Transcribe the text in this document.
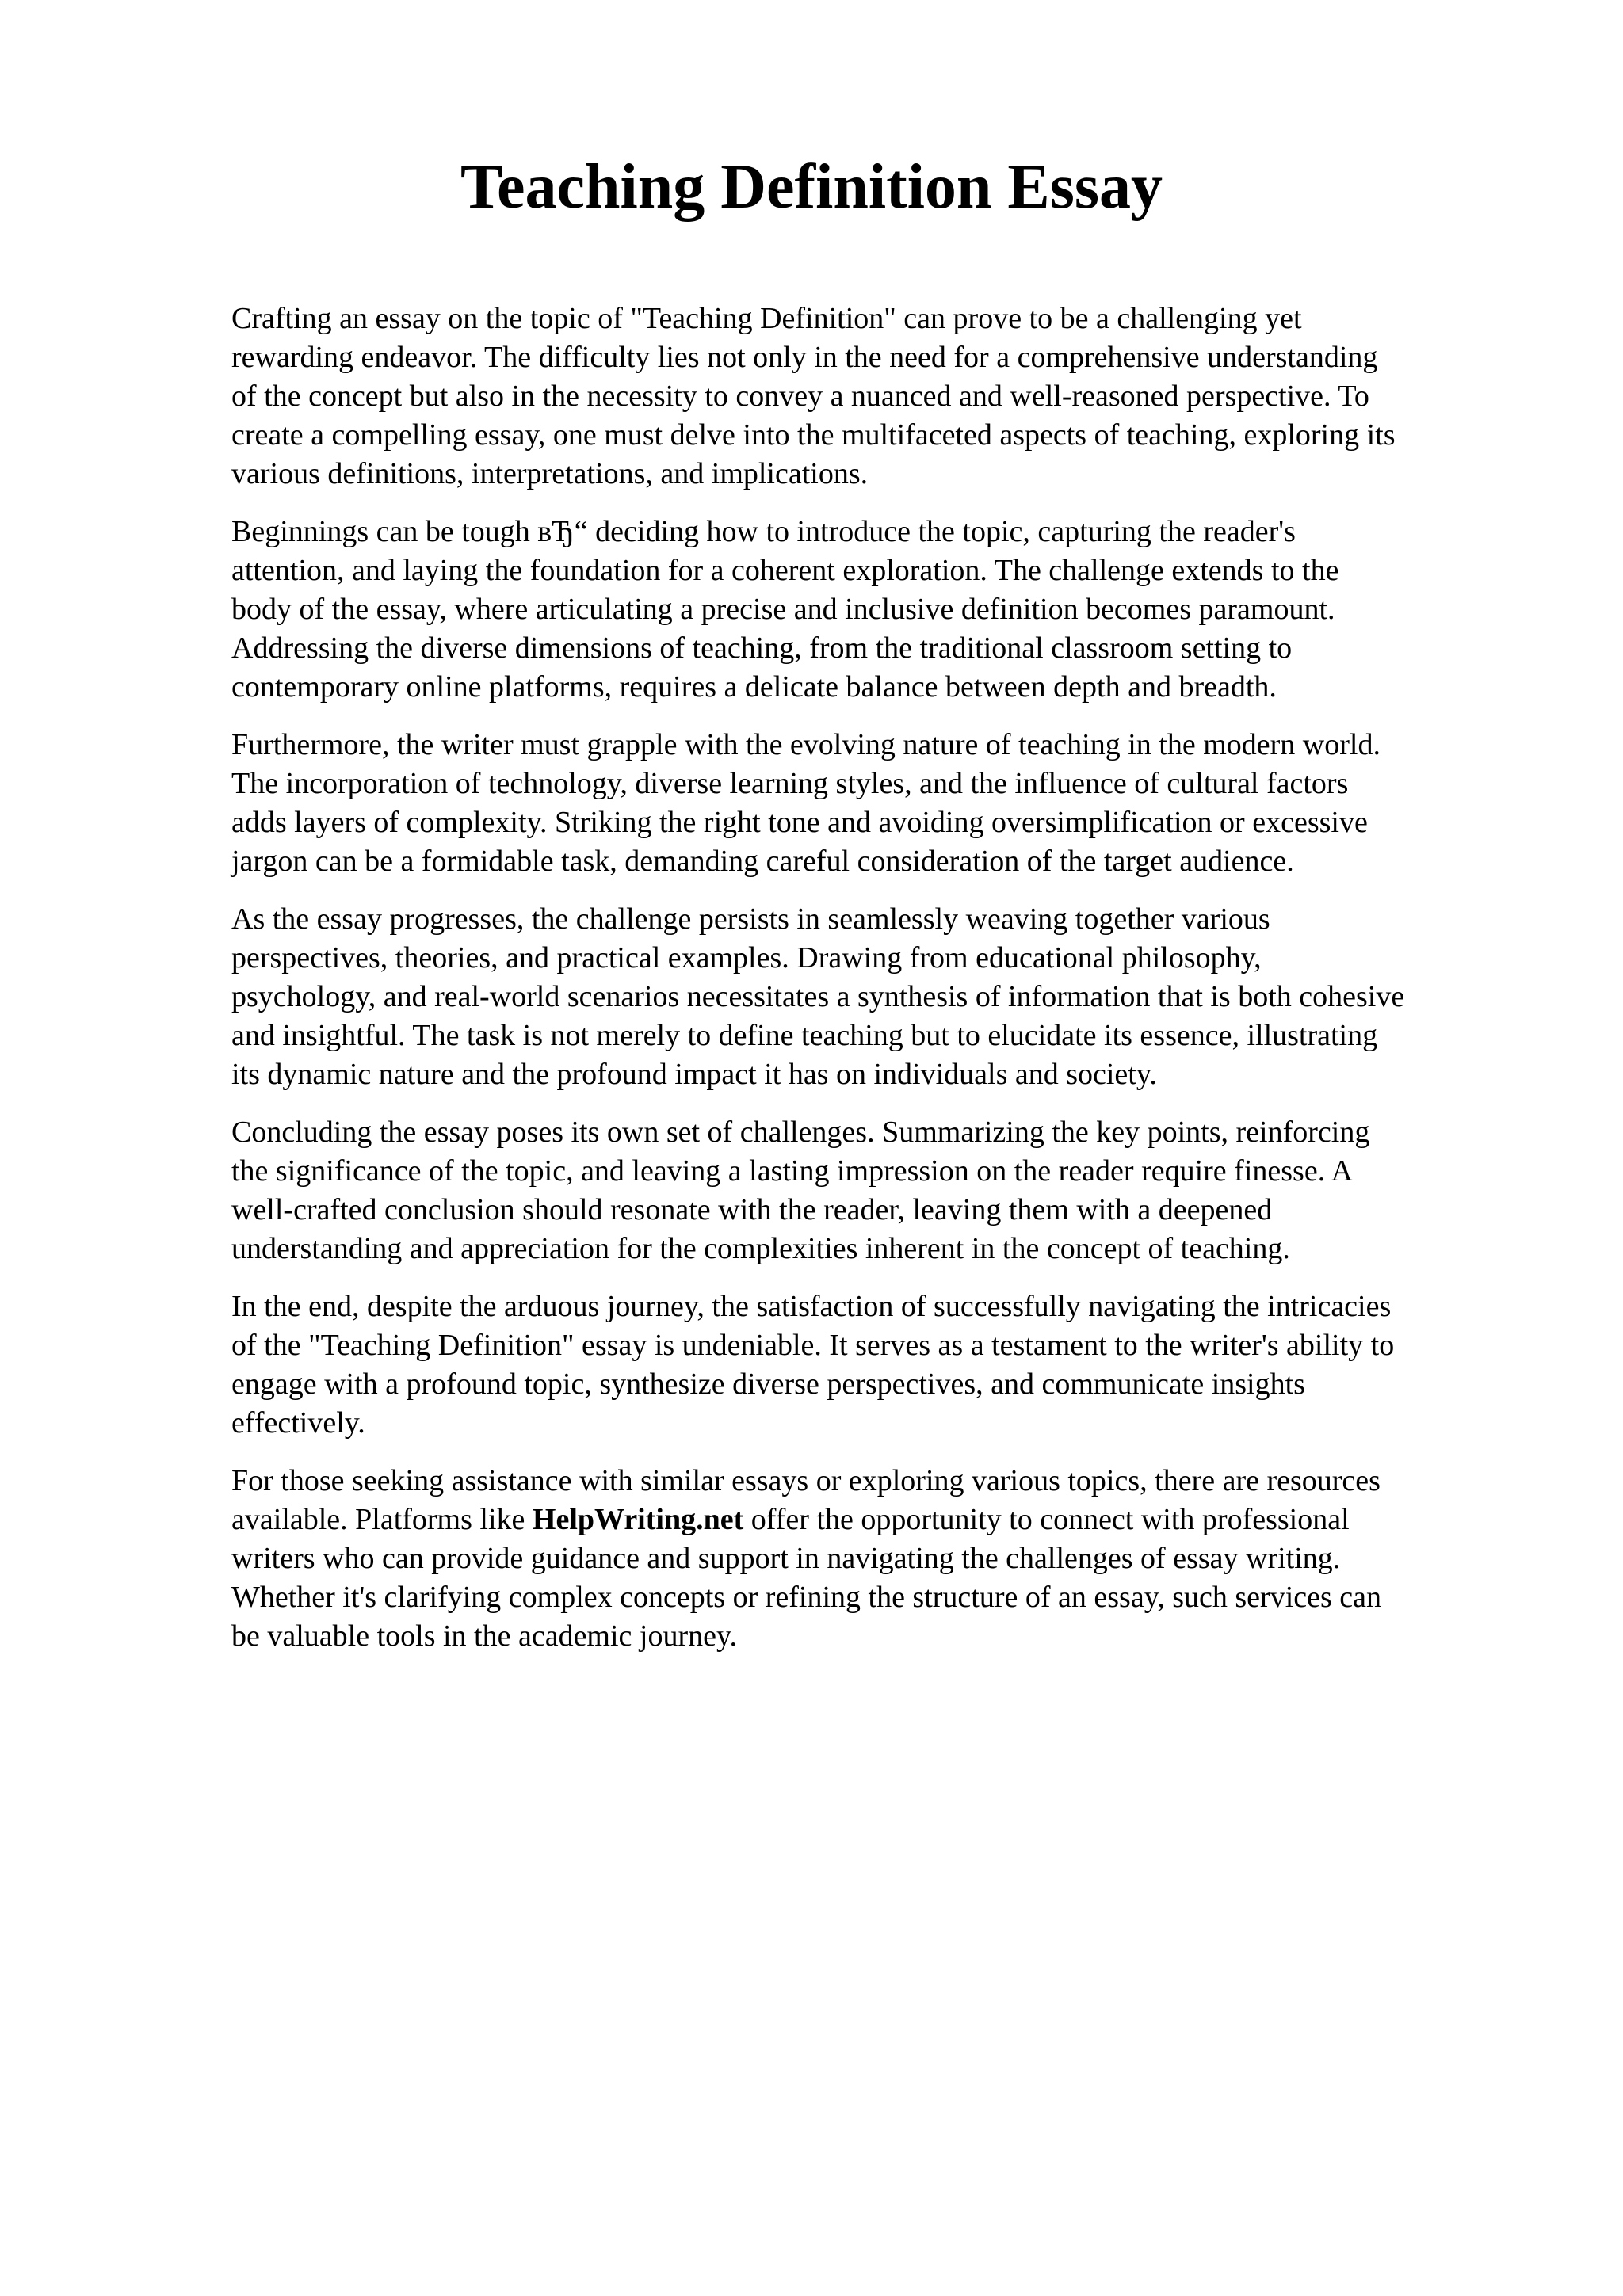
Teaching Definition Essay

Crafting an essay on the topic of "Teaching Definition" can prove to be a challenging yet
rewarding endeavor. The difficulty lies not only in the need for a comprehensive understanding
of the concept but also in the necessity to convey a nuanced and well-reasoned perspective. To
create a compelling essay, one must delve into the multifaceted aspects of teaching, exploring its
various definitions, interpretations, and implications.

Beginnings can be tough вЂ“ deciding how to introduce the topic, capturing the reader's
attention, and laying the foundation for a coherent exploration. The challenge extends to the
body of the essay, where articulating a precise and inclusive definition becomes paramount.
Addressing the diverse dimensions of teaching, from the traditional classroom setting to
contemporary online platforms, requires a delicate balance between depth and breadth.

Furthermore, the writer must grapple with the evolving nature of teaching in the modern world.
The incorporation of technology, diverse learning styles, and the influence of cultural factors
adds layers of complexity. Striking the right tone and avoiding oversimplification or excessive
jargon can be a formidable task, demanding careful consideration of the target audience.

As the essay progresses, the challenge persists in seamlessly weaving together various
perspectives, theories, and practical examples. Drawing from educational philosophy,
psychology, and real-world scenarios necessitates a synthesis of information that is both cohesive
and insightful. The task is not merely to define teaching but to elucidate its essence, illustrating
its dynamic nature and the profound impact it has on individuals and society.

Concluding the essay poses its own set of challenges. Summarizing the key points, reinforcing
the significance of the topic, and leaving a lasting impression on the reader require finesse. A
well-crafted conclusion should resonate with the reader, leaving them with a deepened
understanding and appreciation for the complexities inherent in the concept of teaching.

In the end, despite the arduous journey, the satisfaction of successfully navigating the intricacies
of the "Teaching Definition" essay is undeniable. It serves as a testament to the writer's ability to
engage with a profound topic, synthesize diverse perspectives, and communicate insights
effectively.

For those seeking assistance with similar essays or exploring various topics, there are resources
available. Platforms like HelpWriting.net offer the opportunity to connect with professional
writers who can provide guidance and support in navigating the challenges of essay writing.
Whether it's clarifying complex concepts or refining the structure of an essay, such services can
be valuable tools in the academic journey.
